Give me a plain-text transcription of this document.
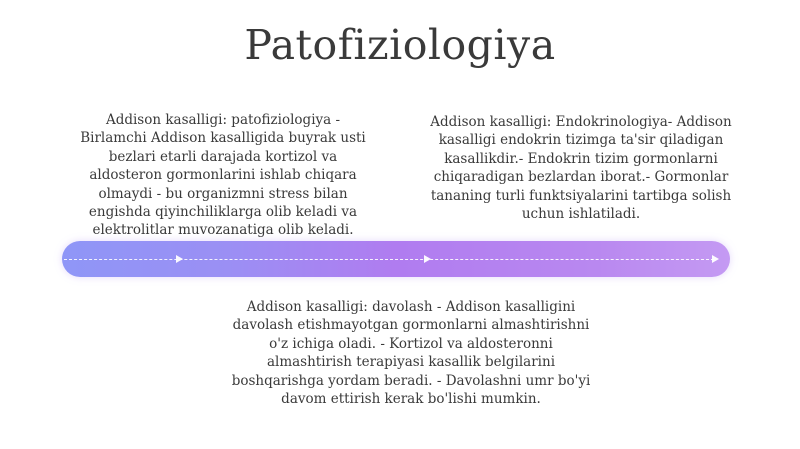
Patofiziologiya
Addison kasalligi: patofiziologiya - Birlamchi Addison kasalligida buyrak usti bezlari etarli darajada kortizol va aldosteron gormonlarini ishlab chiqara olmaydi - bu organizmni stress bilan engishda qiyinchiliklarga olib keladi va elektrolitlar muvozanatiga olib keladi.
Addison kasalligi: Endokrinologiya- Addison kasalligi endokrin tizimga ta'sir qiladigan kasallikdir.- Endokrin tizim gormonlarni chiqaradigan bezlardan iborat.- Gormonlar tananing turli funktsiyalarini tartibga solish uchun ishlatiladi.
Addison kasalligi: davolash - Addison kasalligini davolash etishmayotgan gormonlarni almashtirishni o'z ichiga oladi. - Kortizol va aldosteronni almashtirish terapiyasi kasallik belgilarini boshqarishga yordam beradi. - Davolashni umr bo'yi davom ettirish kerak bo'lishi mumkin.
